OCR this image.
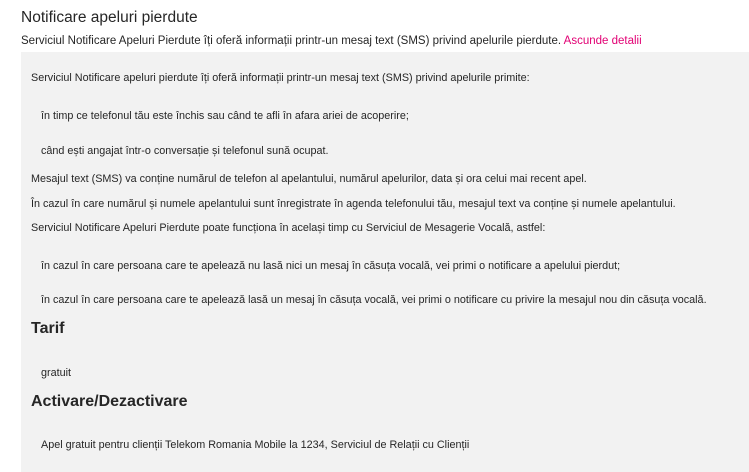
Notificare apeluri pierdute

Serviciul Notificare Apeluri Pierdute îți oferă informații printr-un mesaj text (SMS) privind apelurile pierdute. Ascunde detalii

Serviciul Notificare apeluri pierdute îți oferă informații printr-un mesaj text (SMS) privind apelurile primite:

în timp ce telefonul tău este închis sau când te afli în afara ariei de acoperire;

când ești angajat într-o conversație și telefonul sună ocupat.

Mesajul text (SMS) va conține numărul de telefon al apelantului, numărul apelurilor, data și ora celui mai recent apel.

În cazul în care numărul și numele apelantului sunt înregistrate în agenda telefonului tău, mesajul text va conține și numele apelantului.

Serviciul Notificare Apeluri Pierdute poate funcționa în același timp cu Serviciul de Mesagerie Vocală, astfel:

în cazul în care persoana care te apelează nu lasă nici un mesaj în căsuța vocală, vei primi o notificare a apelului pierdut;

în cazul în care persoana care te apelează lasă un mesaj în căsuța vocală, vei primi o notificare cu privire la mesajul nou din căsuța vocală.

Tarif

gratuit

Activare/Dezactivare

Apel gratuit pentru clienții Telekom Romania Mobile la 1234, Serviciul de Relații cu Clienții
